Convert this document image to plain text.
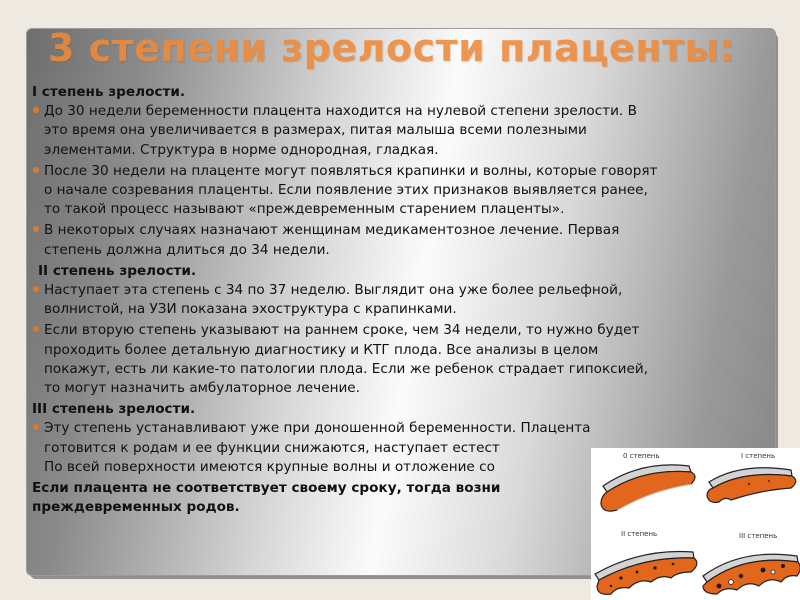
3 степени зрелости плаценты:

I степень зрелости.

До 30 недели беременности плацента находится на нулевой степени зрелости. В
это время она увеличивается в размерах, питая малыша всеми полезными
элементами. Структура в норме однородная, гладкая.
После 30 недели на плаценте могут появляться крапинки и волны, которые говорят
о начале созревания плаценты. Если появление этих признаков выявляется ранее,
то такой процесс называют «преждевременным старением плаценты».
В некоторых случаях назначают женщинам медикаментозное лечение. Первая
степень должна длиться до 34 недели.

II степень зрелости.

Наступает эта степень с 34 по 37 неделю. Выглядит она уже более рельефной,
волнистой, на УЗИ показана эхоструктура с крапинками.
Если вторую степень указывают на раннем сроке, чем 34 недели, то нужно будет
проходить более детальную диагностику и КТГ плода. Все анализы в целом
покажут, есть ли какие-то патологии плода. Если же ребенок страдает гипоксией,
то могут назначить амбулаторное лечение.

III степень зрелости.

Эту степень устанавливают уже при доношенной беременности. Плацента
готовится к родам и ее функции снижаются, наступает естест
По всей поверхности имеются крупные волны и отложение со
Если плацента не соответствует своему сроку, тогда возни
преждевременных родов.
0 степень	I степень
II степень	III степень
